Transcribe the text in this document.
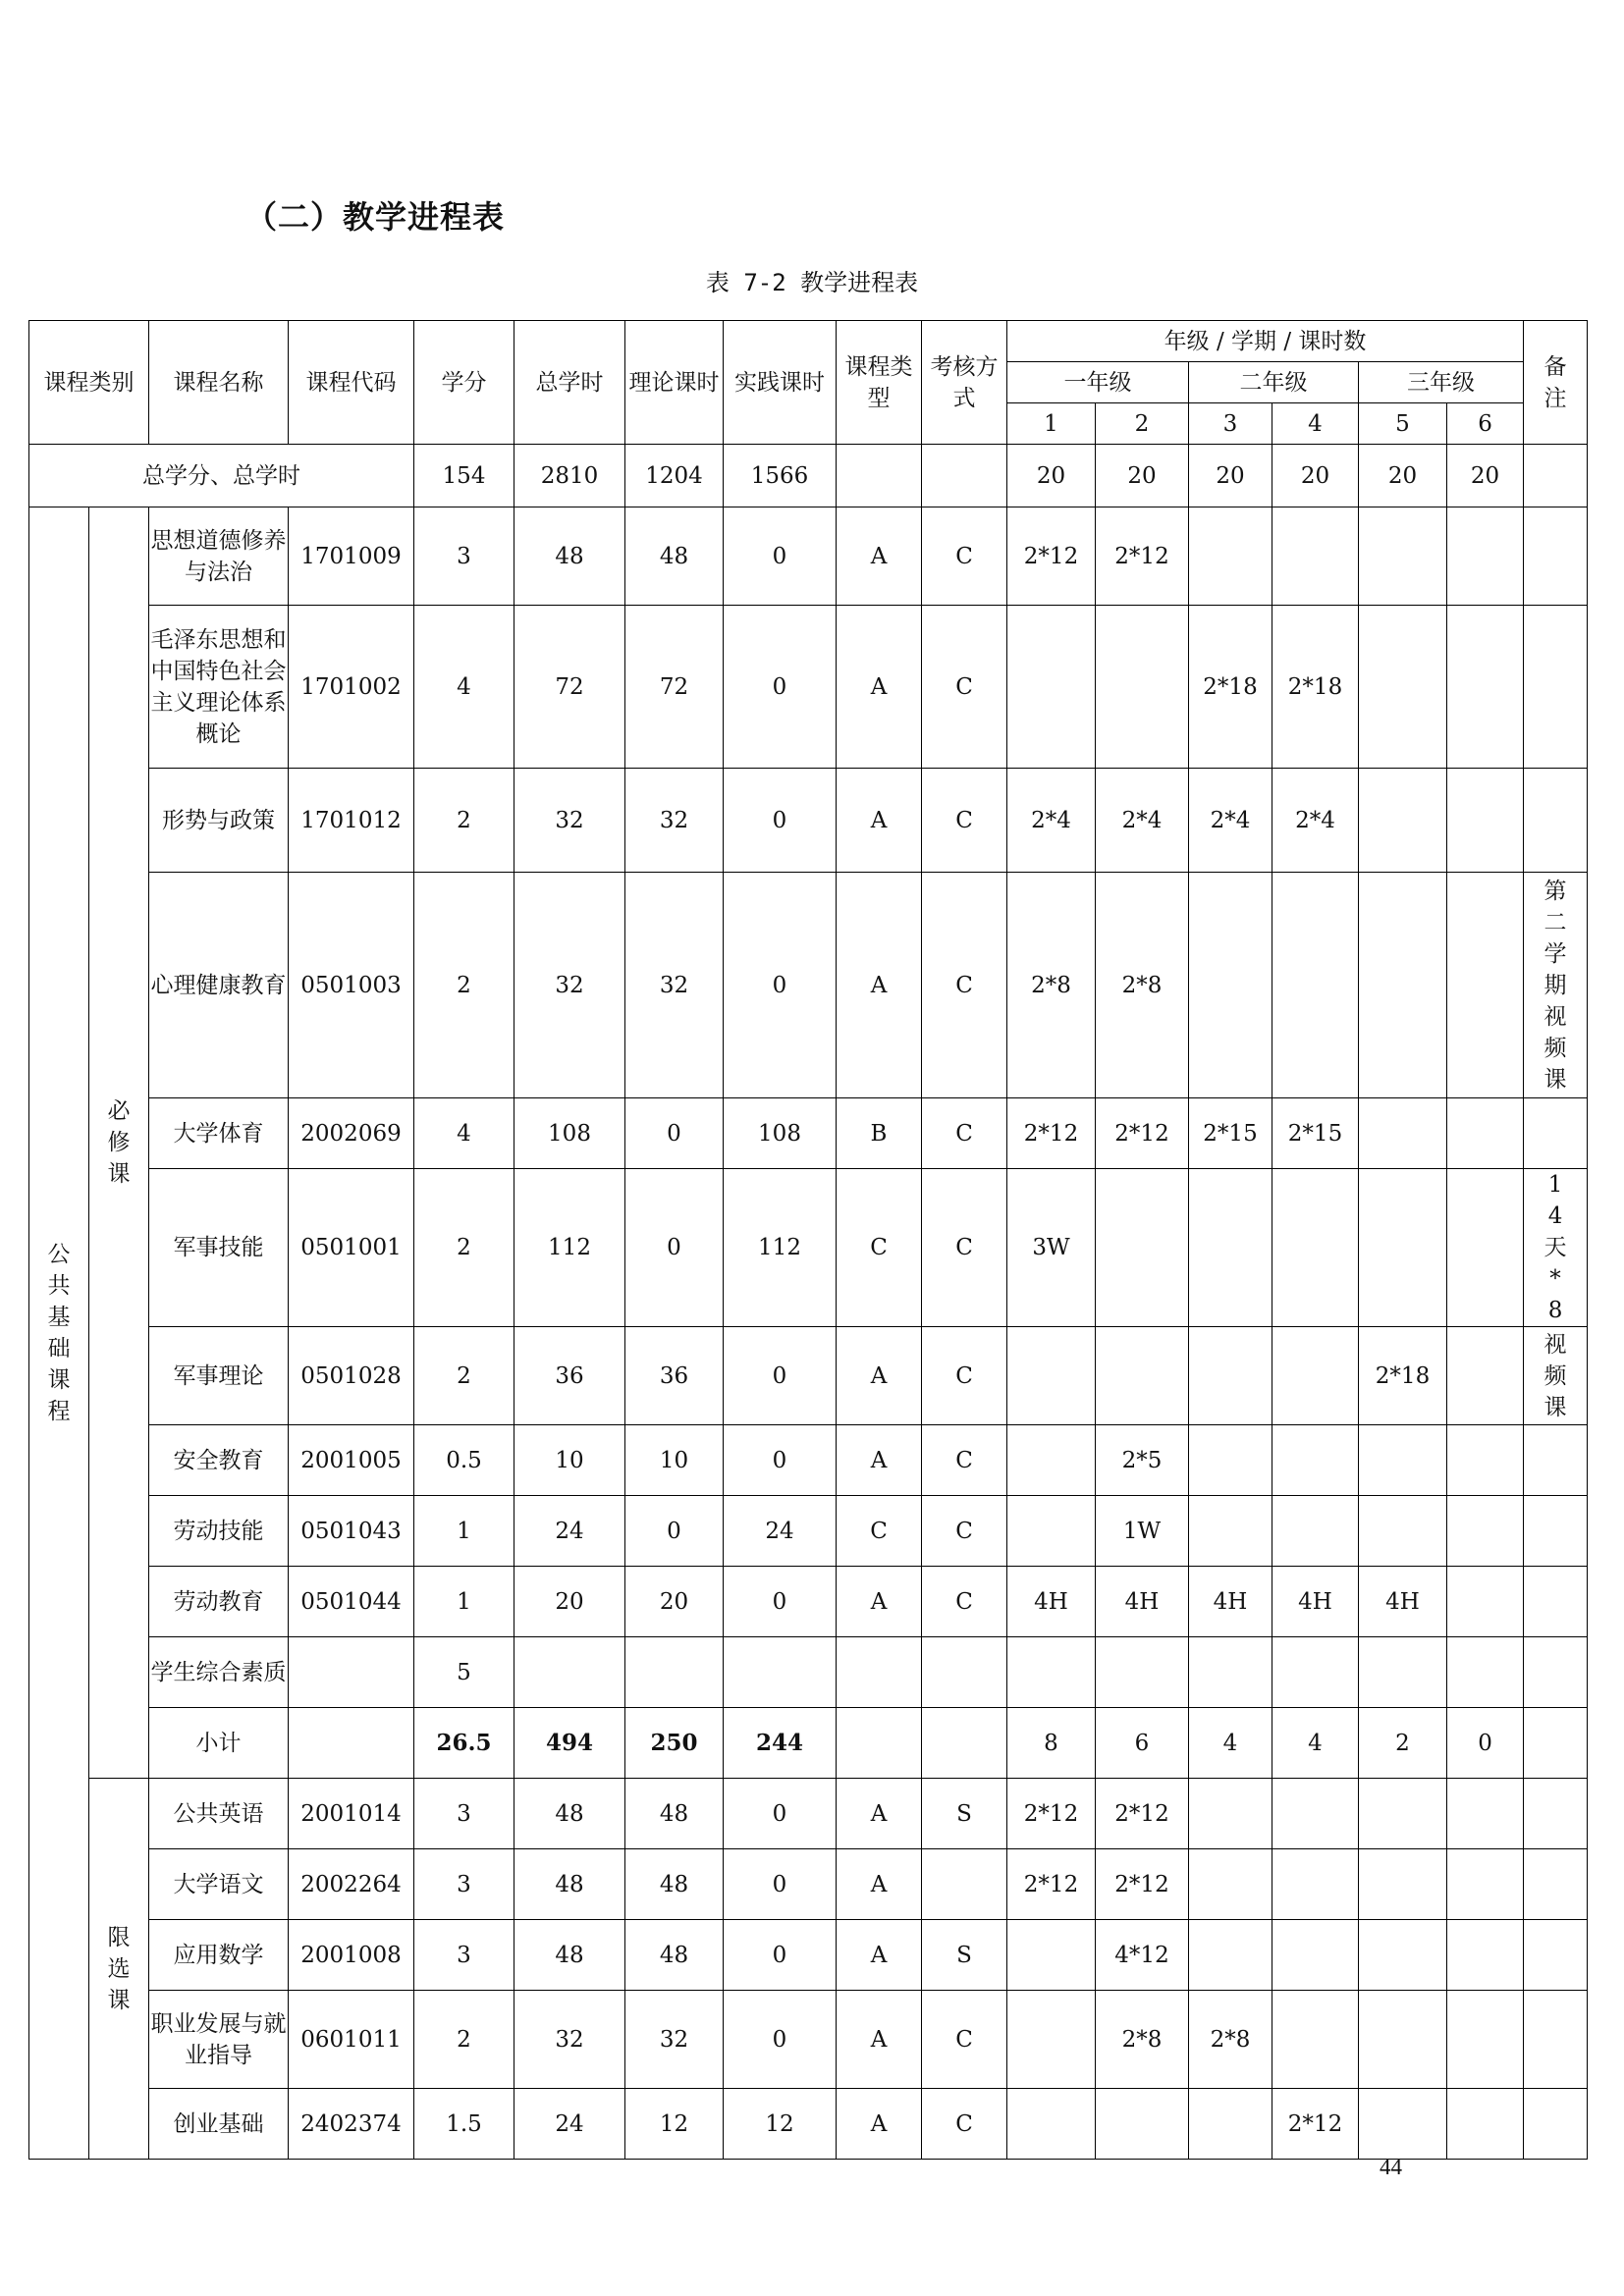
（二）教学进程表
表 7-2 教学进程表
课程类别		课程名称	课程代码	学分	总学时	理论课时	实践课时	课程类型	考核方式	年级 / 学期 / 课时数						备注
										一年级		二年级		三年级		
										1	2	3	4	5	6	
总学分、总学时				154	2810	1204	1566			20	20	20	20	20	20	
公共基础课程	必修课	思想道德修养与法治	1701009	3	48	48	0	A	C	2*12	2*12					
		毛泽东思想和中国特色社会主义理论体系概论	1701002	4	72	72	0	A	C			2*18	2*18			
		形势与政策	1701012	2	32	32	0	A	C	2*4	2*4	2*4	2*4			
		心理健康教育	0501003	2	32	32	0	A	C	2*8	2*8					第二学期视频课
		大学体育	2002069	4	108	0	108	B	C	2*12	2*12	2*15	2*15			
		军事技能	0501001	2	112	0	112	C	C	3W						14天*8
		军事理论	0501028	2	36	36	0	A	C					2*18		视频课
		安全教育	2001005	0.5	10	10	0	A	C		2*5					
		劳动技能	0501043	1	24	0	24	C	C		1W					
		劳动教育	0501044	1	20	20	0	A	C	4H	4H	4H	4H	4H		
		学生综合素质		5												
		小计		26.5	494	250	244			8	6	4	4	2	0	
	限选课	公共英语	2001014	3	48	48	0	A	S	2*12	2*12					
		大学语文	2002264	3	48	48	0	A		2*12	2*12					
		应用数学	2001008	3	48	48	0	A	S		4*12					
		职业发展与就业指导	0601011	2	32	32	0	A	C		2*8	2*8				
		创业基础	2402374	1.5	24	12	12	A	C				2*12			
44
